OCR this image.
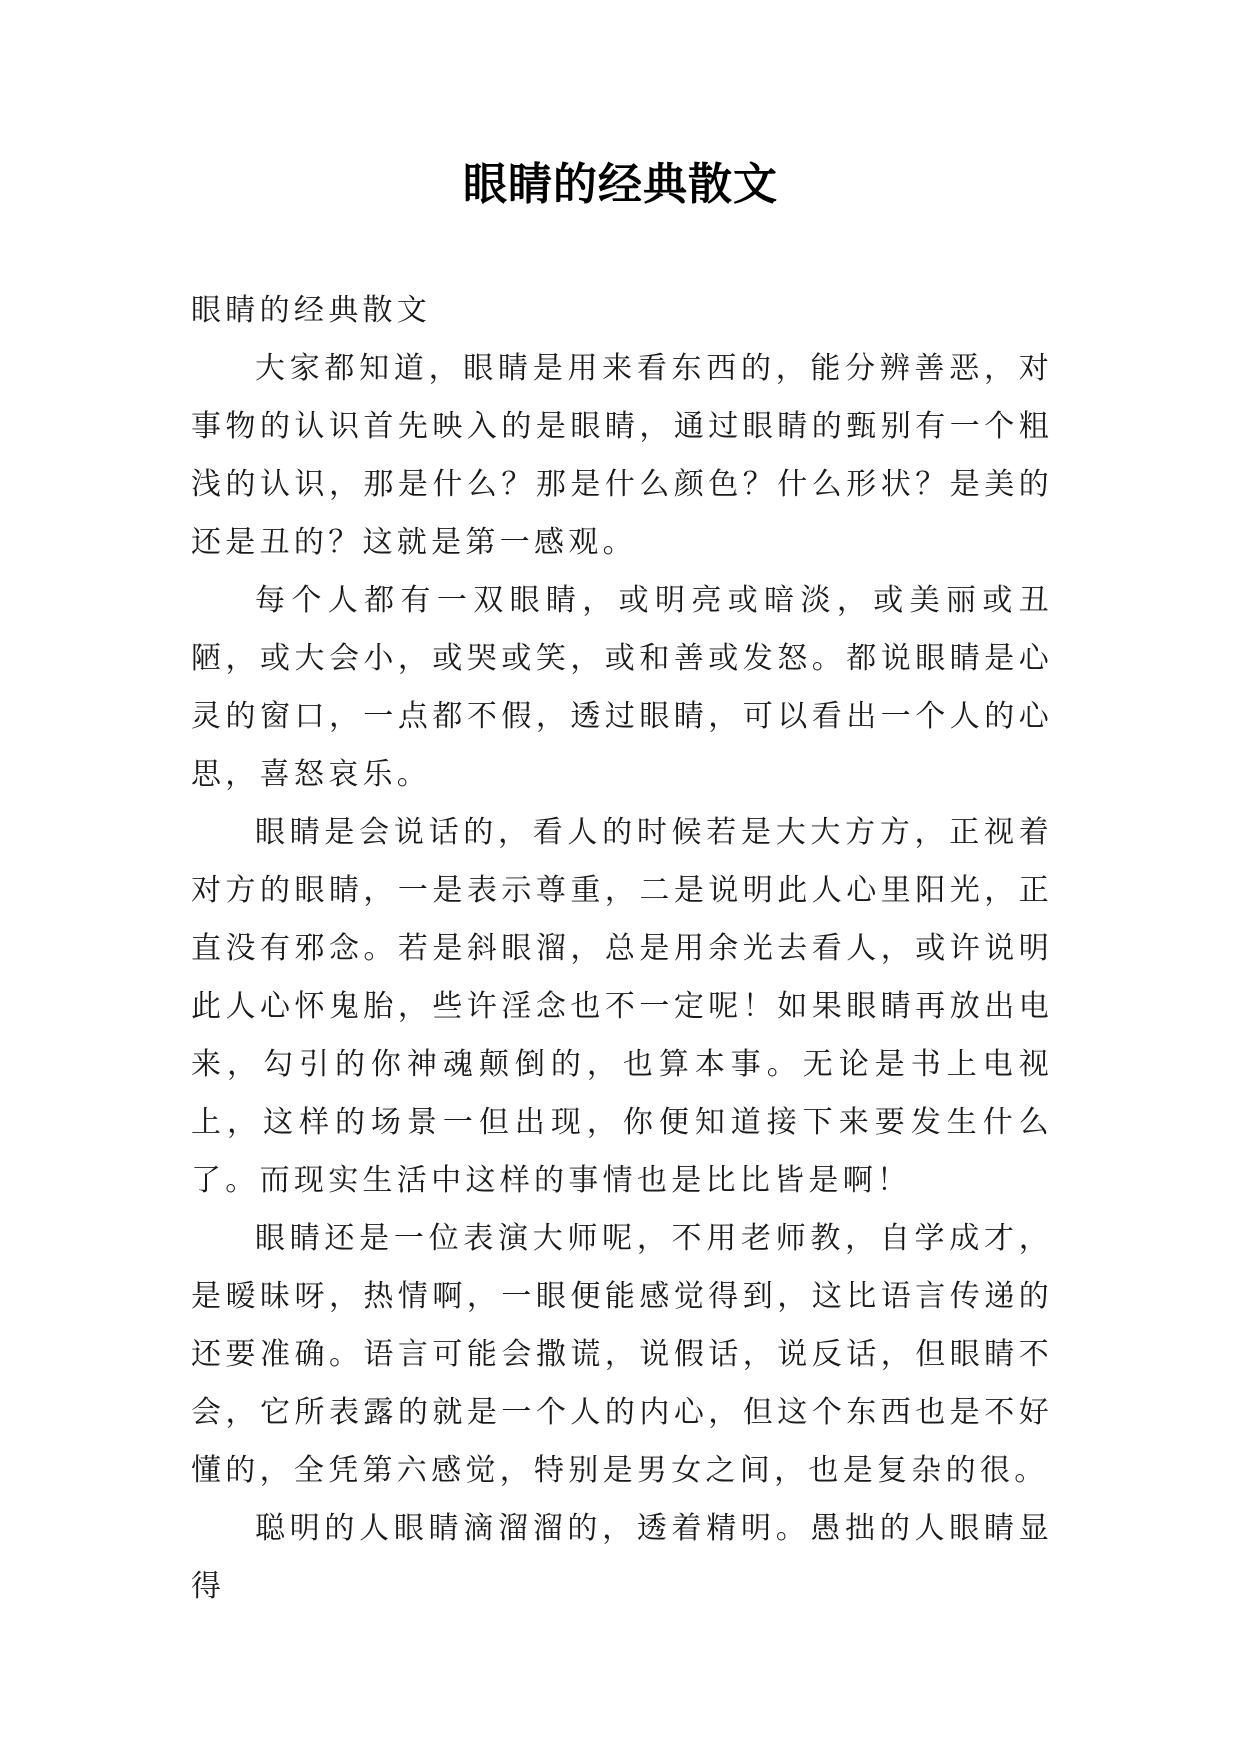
眼睛的经典散文

眼睛的经典散文

大家都知道，眼睛是用来看东西的，能分辨善恶，对事物的认识首先映入的是眼睛，通过眼睛的甄别有一个粗浅的认识，那是什么？那是什么颜色？什么形状？是美的还是丑的？这就是第一感观。

每个人都有一双眼睛，或明亮或暗淡，或美丽或丑陋，或大会小，或哭或笑，或和善或发怒。都说眼睛是心灵的窗口，一点都不假，透过眼睛，可以看出一个人的心思，喜怒哀乐。

眼睛是会说话的，看人的时候若是大大方方，正视着对方的眼睛，一是表示尊重，二是说明此人心里阳光，正直没有邪念。若是斜眼溜，总是用余光去看人，或许说明此人心怀鬼胎，些许淫念也不一定呢！如果眼睛再放出电来，勾引的你神魂颠倒的，也算本事。无论是书上电视上，这样的场景一但出现，你便知道接下来要发生什么了。而现实生活中这样的事情也是比比皆是啊！

眼睛还是一位表演大师呢，不用老师教，自学成才，是暧昧呀，热情啊，一眼便能感觉得到，这比语言传递的还要准确。语言可能会撒谎，说假话，说反话，但眼睛不会，它所表露的就是一个人的内心，但这个东西也是不好懂的，全凭第六感觉，特别是男女之间，也是复杂的很。

聪明的人眼睛滴溜溜的，透着精明。愚拙的人眼睛显得
